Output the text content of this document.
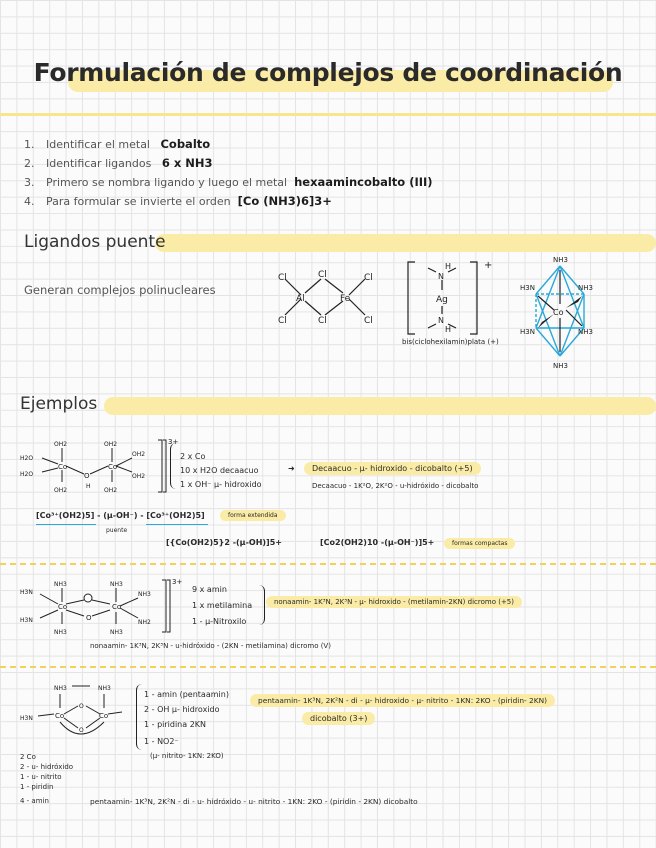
Formulación de complejos de coordinación
1. Identificar el metal Cobalto
2. Identificar ligandos 6 x NH3
3. Primero se nombra ligando y luego el metal hexaamincobalto (III)
4. Para formular se invierte el orden [Co (NH3)6]3+
Ligandos puente
Generan complejos polinucleares
Cl
Cl
Cl
Cl
Cl
Cl
Al	Fe
N
H
Ag
N
H
+
bis(ciclohexilamin)plata (+)
NH3
H3N	NH3
Co
H3N	NH3
NH3
Ejemplos
OH2	OH2
H2O
H2O
Co	Co
O
H
OH2
OH2
OH2	OH2
3+
2 x Co
10 x H2O decaacuo
1 x OH⁻ μ- hidroxido
➜	Decaacuo - μ- hidroxido - dicobalto (+5)
Decaacuo - 1K²O, 2K²O - u-hidróxido - dicobalto
[Co³⁺(OH2)5] - (μ-OH⁻) - [Co³⁺(OH2)5]
puente
forma extendida
[{Co(OH2)5}2 -(μ-OH)]5+	[Co2(OH2)10 -(μ-OH⁻)]5+	formas compactas
H3N
H3N
NH3	NH3
Co	Co
O
NH3
NH2
NH3	NH3
3+
9 x amin
1 x metilamina
1 - μ-Nitroxilo
nonaamin- 1K³N, 2K³N - μ- hidroxido - (metilamin-2KN) dicromo (+5)
nonaamin- 1K³N, 2K³N - u-hidróxido - (2KN - metilamina) dicromo (V)
NH3	NH3
H3N	Co	Co
O
O
1 - amin (pentaamin)
2 - OH μ- hidroxido
1 - piridina 2KN
1 - NO2⁻
(μ- nitrito- 1KN: 2KO)
pentaamin- 1K³N, 2K²N - di - μ- hidroxido - μ- nitrito - 1KN: 2KO - (piridin- 2KN)
dicobalto (3+)
2 Co
2 - u- hidróxido
1 - u- nitrito
1 - piridin
4 - amin	pentaamin- 1K³N, 2K²N - di - u- hidróxido - u- nitrito - 1KN: 2KO - (piridin - 2KN) dicobalto
